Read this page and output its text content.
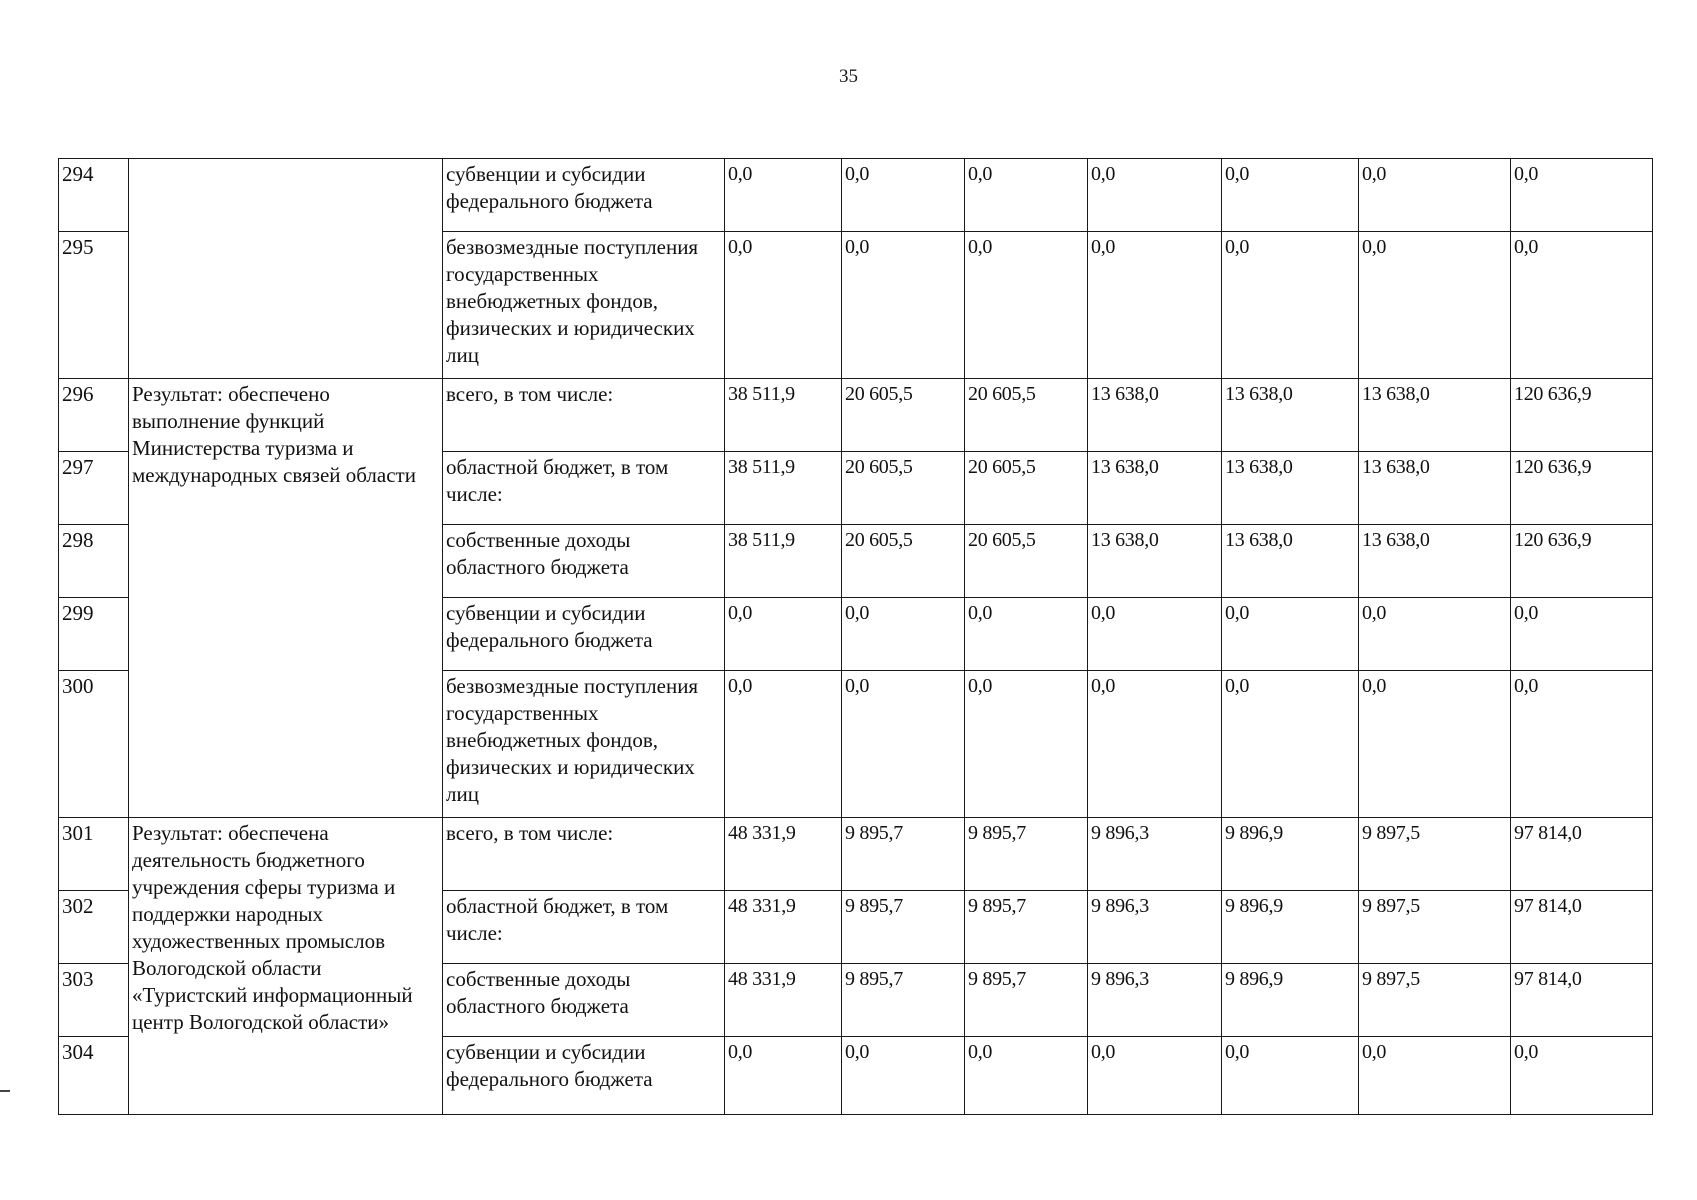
35
294		субвенции и субсидии федерального бюджета	0,0	0,0	0,0	0,0	0,0	0,0	0,0
295		безвозмездные поступления государственных внебюджетных фондов, физических и юридических лиц	0,0	0,0	0,0	0,0	0,0	0,0	0,0
296	Результат: обеспечено выполнение функций Министерства туризма и международных связей области	всего, в том числе:	38 511,9	20 605,5	20 605,5	13 638,0	13 638,0	13 638,0	120 636,9
297		областной бюджет, в том числе:	38 511,9	20 605,5	20 605,5	13 638,0	13 638,0	13 638,0	120 636,9
298		собственные доходы областного бюджета	38 511,9	20 605,5	20 605,5	13 638,0	13 638,0	13 638,0	120 636,9
299		субвенции и субсидии федерального бюджета	0,0	0,0	0,0	0,0	0,0	0,0	0,0
300		безвозмездные поступления государственных внебюджетных фондов, физических и юридических лиц	0,0	0,0	0,0	0,0	0,0	0,0	0,0
301	Результат: обеспечена деятельность бюджетного учреждения сферы туризма и поддержки народных художественных промыслов Вологодской области «Туристский информационный центр Вологодской области»	всего, в том числе:	48 331,9	9 895,7	9 895,7	9 896,3	9 896,9	9 897,5	97 814,0
302		областной бюджет, в том числе:	48 331,9	9 895,7	9 895,7	9 896,3	9 896,9	9 897,5	97 814,0
303		собственные доходы областного бюджета	48 331,9	9 895,7	9 895,7	9 896,3	9 896,9	9 897,5	97 814,0
304		субвенции и субсидии федерального бюджета	0,0	0,0	0,0	0,0	0,0	0,0	0,0
